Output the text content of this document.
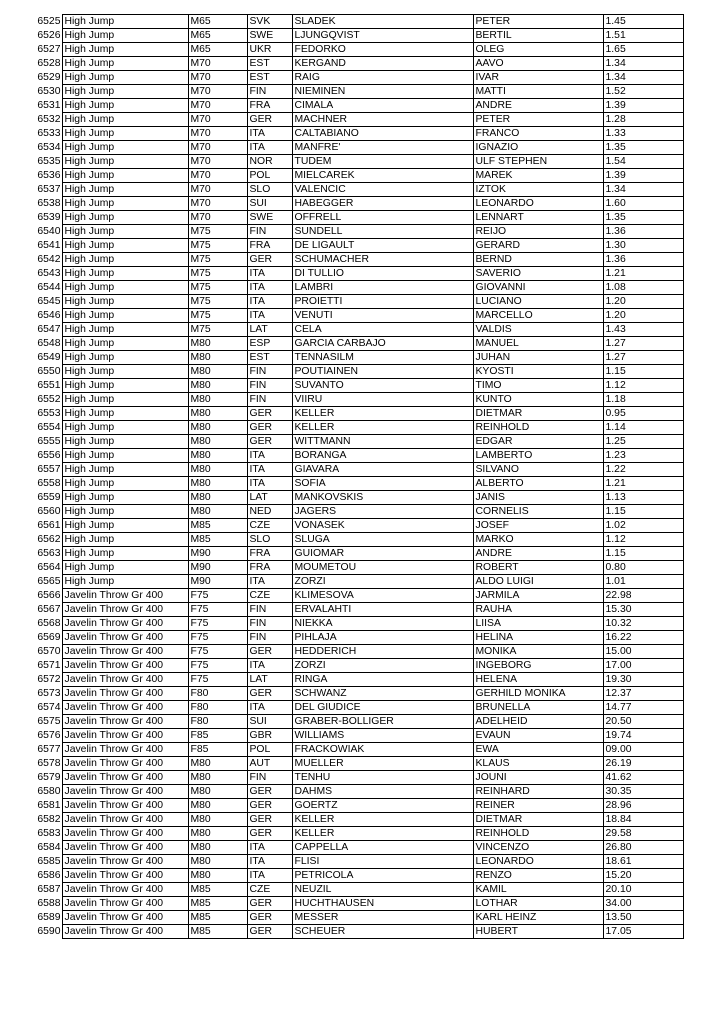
6525	High Jump	M65	SVK	SLADEK	PETER	1.45
6526	High Jump	M65	SWE	LJUNGQVIST	BERTIL	1.51
6527	High Jump	M65	UKR	FEDORKO	OLEG	1.65
6528	High Jump	M70	EST	KERGAND	AAVO	1.34
6529	High Jump	M70	EST	RAIG	IVAR	1.34
6530	High Jump	M70	FIN	NIEMINEN	MATTI	1.52
6531	High Jump	M70	FRA	CIMALA	ANDRE	1.39
6532	High Jump	M70	GER	MACHNER	PETER	1.28
6533	High Jump	M70	ITA	CALTABIANO	FRANCO	1.33
6534	High Jump	M70	ITA	MANFRE'	IGNAZIO	1.35
6535	High Jump	M70	NOR	TUDEM	ULF STEPHEN	1.54
6536	High Jump	M70	POL	MIELCAREK	MAREK	1.39
6537	High Jump	M70	SLO	VALENCIC	IZTOK	1.34
6538	High Jump	M70	SUI	HABEGGER	LEONARDO	1.60
6539	High Jump	M70	SWE	OFFRELL	LENNART	1.35
6540	High Jump	M75	FIN	SUNDELL	REIJO	1.36
6541	High Jump	M75	FRA	DE LIGAULT	GERARD	1.30
6542	High Jump	M75	GER	SCHUMACHER	BERND	1.36
6543	High Jump	M75	ITA	DI TULLIO	SAVERIO	1.21
6544	High Jump	M75	ITA	LAMBRI	GIOVANNI	1.08
6545	High Jump	M75	ITA	PROIETTI	LUCIANO	1.20
6546	High Jump	M75	ITA	VENUTI	MARCELLO	1.20
6547	High Jump	M75	LAT	CELA	VALDIS	1.43
6548	High Jump	M80	ESP	GARCIA CARBAJO	MANUEL	1.27
6549	High Jump	M80	EST	TENNASILM	JUHAN	1.27
6550	High Jump	M80	FIN	POUTIAINEN	KYOSTI	1.15
6551	High Jump	M80	FIN	SUVANTO	TIMO	1.12
6552	High Jump	M80	FIN	VIIRU	KUNTO	1.18
6553	High Jump	M80	GER	KELLER	DIETMAR	0.95
6554	High Jump	M80	GER	KELLER	REINHOLD	1.14
6555	High Jump	M80	GER	WITTMANN	EDGAR	1.25
6556	High Jump	M80	ITA	BORANGA	LAMBERTO	1.23
6557	High Jump	M80	ITA	GIAVARA	SILVANO	1.22
6558	High Jump	M80	ITA	SOFIA	ALBERTO	1.21
6559	High Jump	M80	LAT	MANKOVSKIS	JANIS	1.13
6560	High Jump	M80	NED	JAGERS	CORNELIS	1.15
6561	High Jump	M85	CZE	VONASEK	JOSEF	1.02
6562	High Jump	M85	SLO	SLUGA	MARKO	1.12
6563	High Jump	M90	FRA	GUIOMAR	ANDRE	1.15
6564	High Jump	M90	FRA	MOUMETOU	ROBERT	0.80
6565	High Jump	M90	ITA	ZORZI	ALDO LUIGI	1.01
6566	Javelin Throw Gr 400	F75	CZE	KLIMESOVA	JARMILA	22.98
6567	Javelin Throw Gr 400	F75	FIN	ERVALAHTI	RAUHA	15.30
6568	Javelin Throw Gr 400	F75	FIN	NIEKKA	LIISA	10.32
6569	Javelin Throw Gr 400	F75	FIN	PIHLAJA	HELINA	16.22
6570	Javelin Throw Gr 400	F75	GER	HEDDERICH	MONIKA	15.00
6571	Javelin Throw Gr 400	F75	ITA	ZORZI	INGEBORG	17.00
6572	Javelin Throw Gr 400	F75	LAT	RINGA	HELENA	19.30
6573	Javelin Throw Gr 400	F80	GER	SCHWANZ	GERHILD MONIKA	12.37
6574	Javelin Throw Gr 400	F80	ITA	DEL GIUDICE	BRUNELLA	14.77
6575	Javelin Throw Gr 400	F80	SUI	GRABER-BOLLIGER	ADELHEID	20.50
6576	Javelin Throw Gr 400	F85	GBR	WILLIAMS	EVAUN	19.74
6577	Javelin Throw Gr 400	F85	POL	FRACKOWIAK	EWA	09.00
6578	Javelin Throw Gr 400	M80	AUT	MUELLER	KLAUS	26.19
6579	Javelin Throw Gr 400	M80	FIN	TENHU	JOUNI	41.62
6580	Javelin Throw Gr 400	M80	GER	DAHMS	REINHARD	30.35
6581	Javelin Throw Gr 400	M80	GER	GOERTZ	REINER	28.96
6582	Javelin Throw Gr 400	M80	GER	KELLER	DIETMAR	18.84
6583	Javelin Throw Gr 400	M80	GER	KELLER	REINHOLD	29.58
6584	Javelin Throw Gr 400	M80	ITA	CAPPELLA	VINCENZO	26.80
6585	Javelin Throw Gr 400	M80	ITA	FLISI	LEONARDO	18.61
6586	Javelin Throw Gr 400	M80	ITA	PETRICOLA	RENZO	15.20
6587	Javelin Throw Gr 400	M85	CZE	NEUZIL	KAMIL	20.10
6588	Javelin Throw Gr 400	M85	GER	HUCHTHAUSEN	LOTHAR	34.00
6589	Javelin Throw Gr 400	M85	GER	MESSER	KARL HEINZ	13.50
6590	Javelin Throw Gr 400	M85	GER	SCHEUER	HUBERT	17.05
